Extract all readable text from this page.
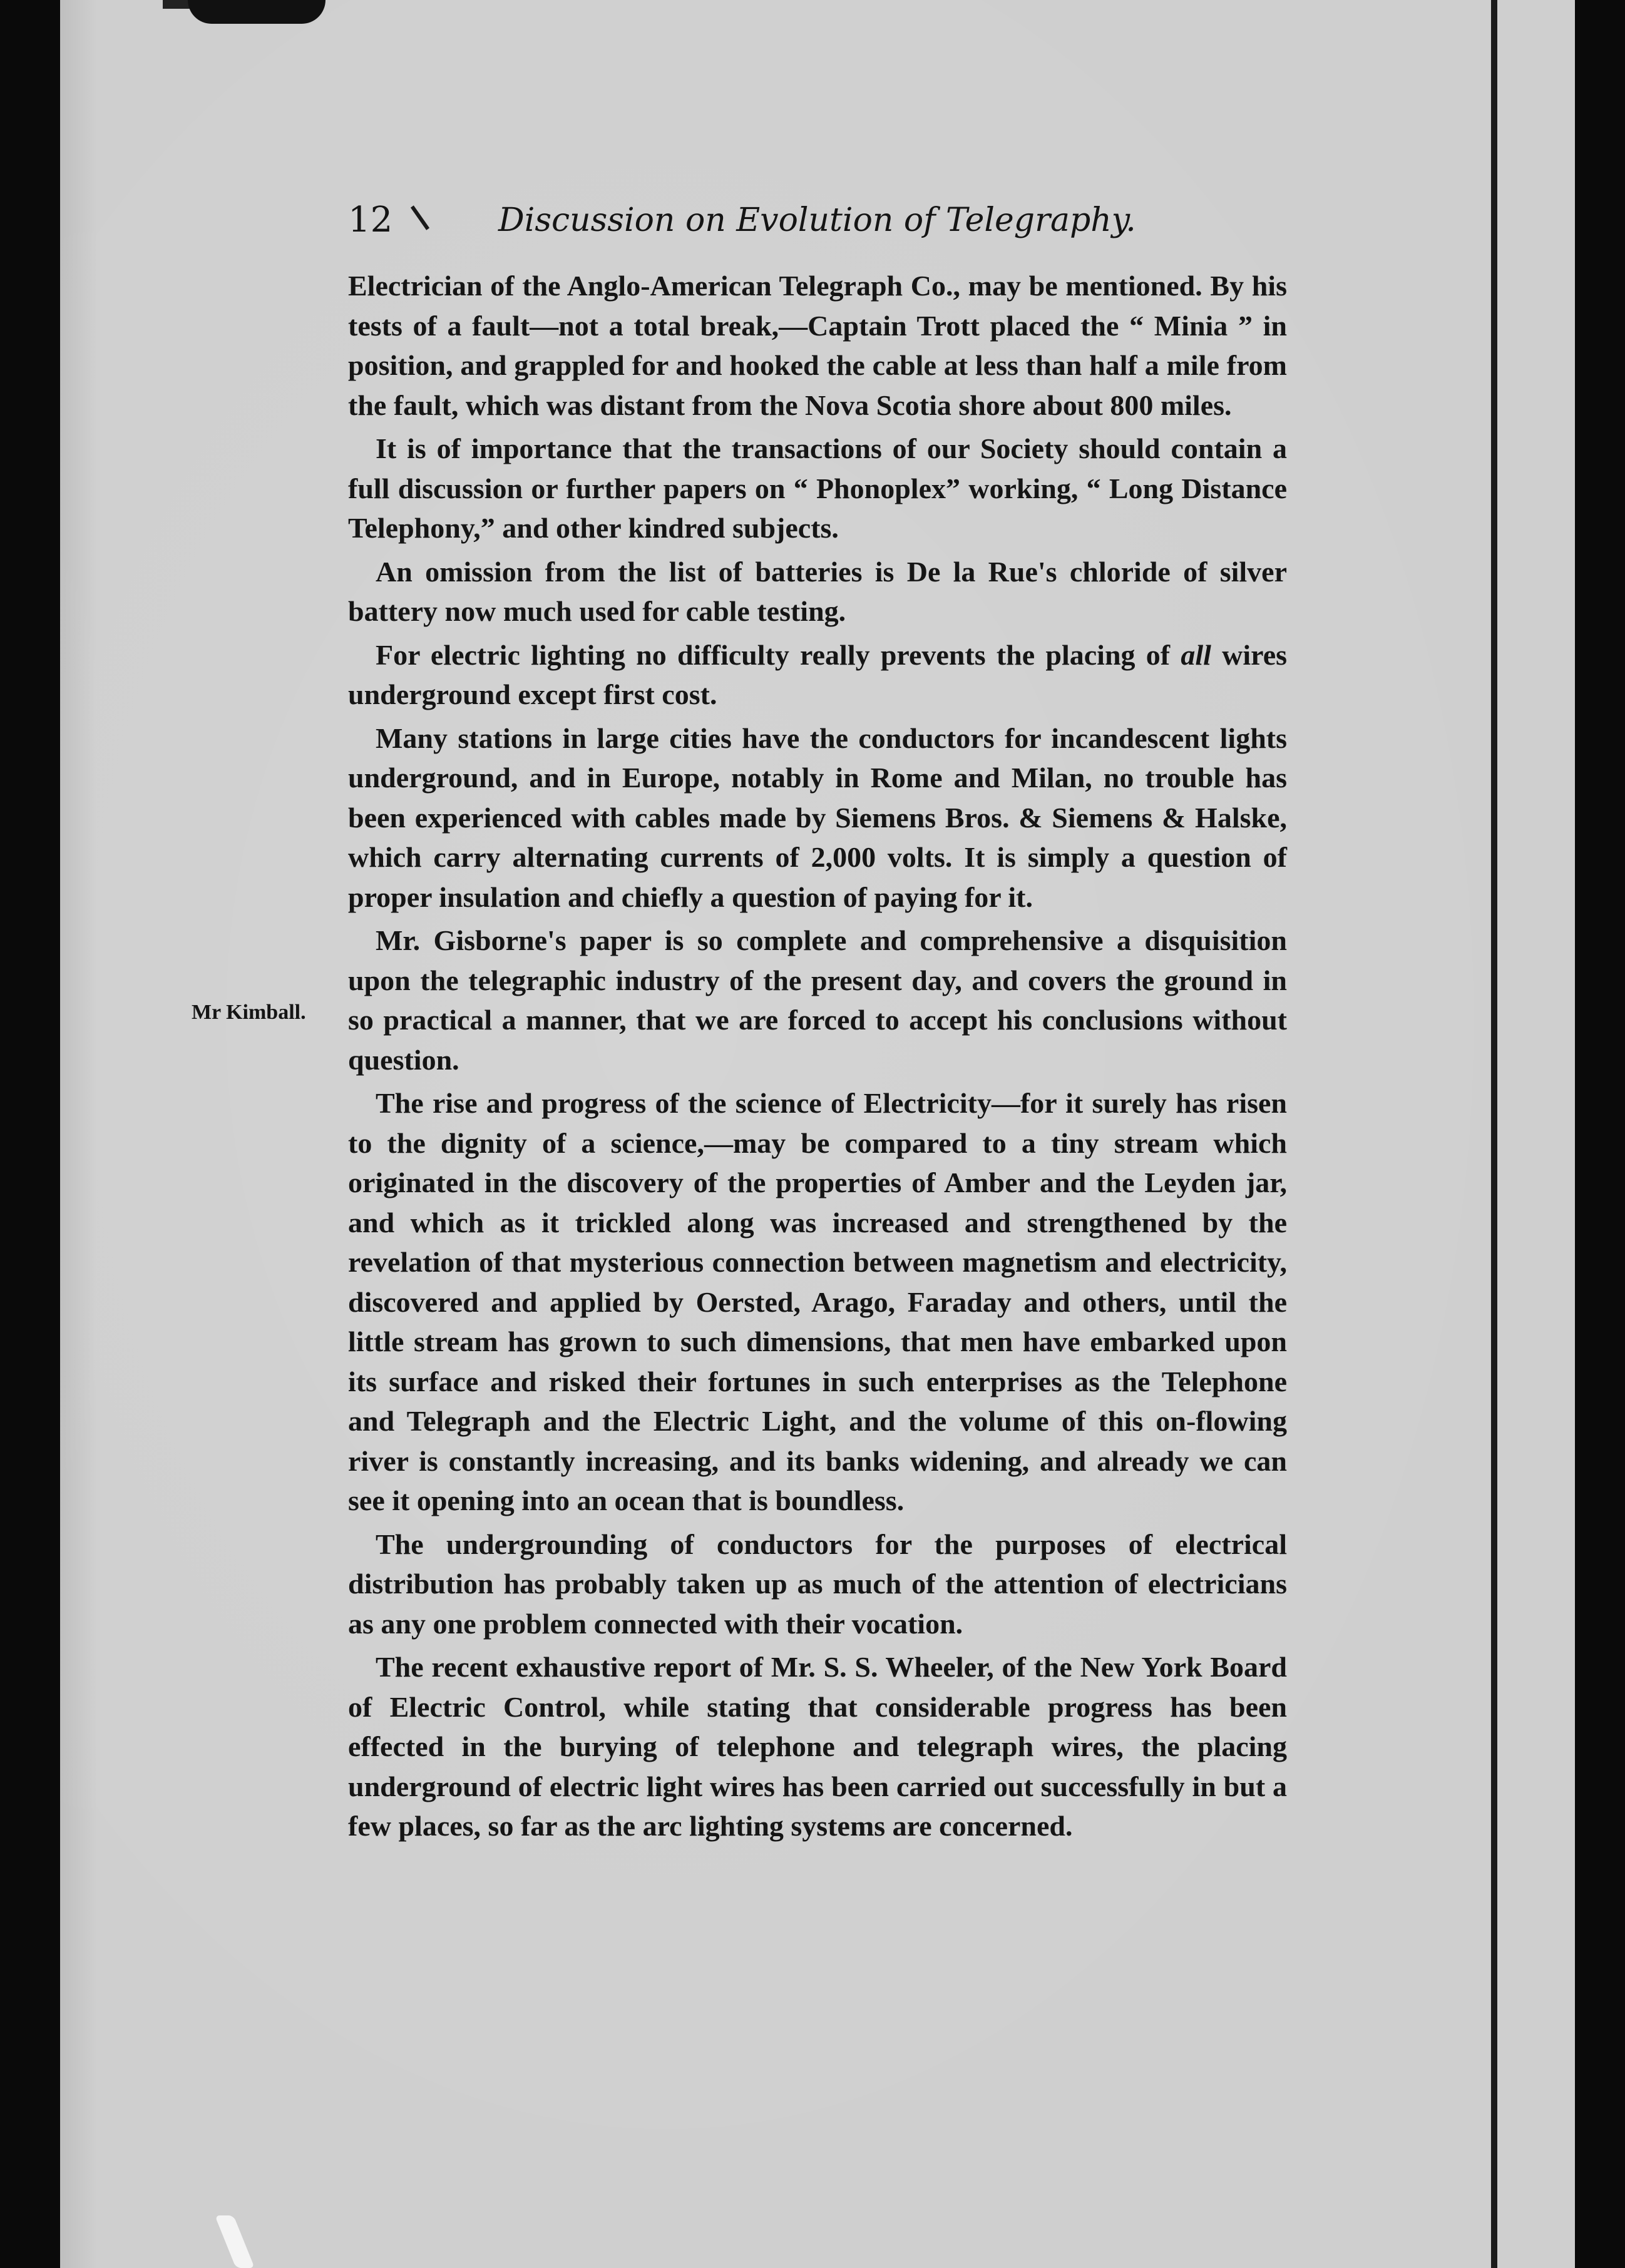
12	Discussion on Evolution of Telegraphy.
Mr Kimball.

Electrician of the Anglo-American Telegraph Co., may be mentioned. By his tests of a fault—not a total break,—Captain Trott placed the “ Minia ” in position, and grappled for and hooked the cable at less than half a mile from the fault, which was distant from the Nova Scotia shore about 800 miles.

It is of importance that the transactions of our Society should contain a full discussion or further papers on “ Phonoplex” working, “ Long Distance Telephony,” and other kindred subjects.

An omission from the list of batteries is De la Rue's chloride of silver battery now much used for cable testing.

For electric lighting no difficulty really prevents the placing of all wires underground except first cost.

Many stations in large cities have the conductors for incandescent lights underground, and in Europe, notably in Rome and Milan, no trouble has been experienced with cables made by Siemens Bros. & Siemens & Halske, which carry alternating currents of 2,000 volts. It is simply a question of proper insulation and chiefly a question of paying for it.

Mr. Gisborne's paper is so complete and comprehensive a disquisition upon the telegraphic industry of the present day, and covers the ground in so practical a manner, that we are forced to accept his conclusions without question.

The rise and progress of the science of Electricity—for it surely has risen to the dignity of a science,—may be compared to a tiny stream which originated in the discovery of the properties of Amber and the Leyden jar, and which as it trickled along was increased and strengthened by the revelation of that mysterious connection between magnetism and electricity, discovered and applied by Oersted, Arago, Faraday and others, until the little stream has grown to such dimensions, that men have embarked upon its surface and risked their fortunes in such enterprises as the Telephone and Telegraph and the Electric Light, and the volume of this on-flowing river is constantly increasing, and its banks widening, and already we can see it opening into an ocean that is boundless.

The undergrounding of conductors for the purposes of electrical distribution has probably taken up as much of the attention of electricians as any one problem connected with their vocation.

The recent exhaustive report of Mr. S. S. Wheeler, of the New York Board of Electric Control, while stating that considerable progress has been effected in the burying of telephone and telegraph wires, the placing underground of electric light wires has been carried out successfully in but a few places, so far as the arc lighting systems are concerned.
